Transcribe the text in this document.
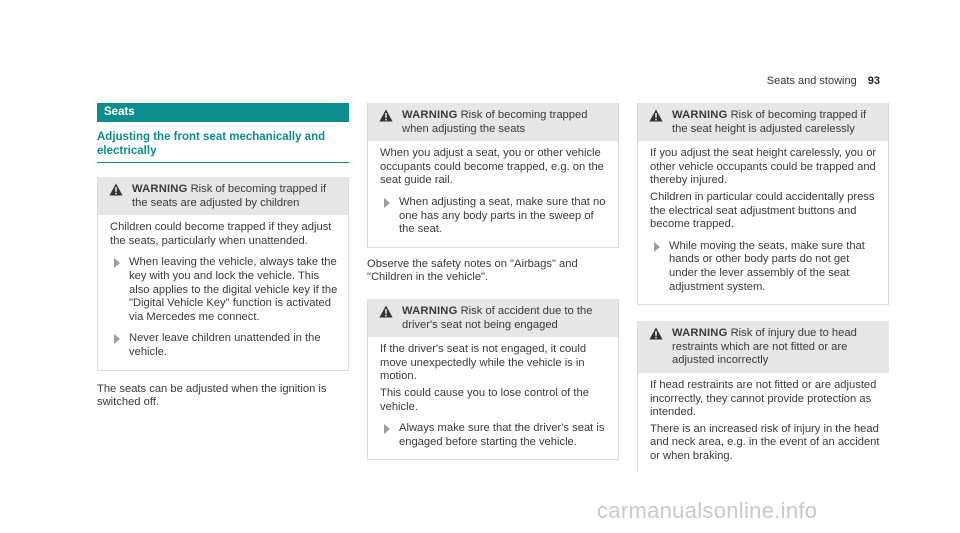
Seats and stowing 93
Seats
Adjusting the front seat mechanically and electrically
WARNING Risk of becoming trapped if the seats are adjusted by children

Children could become trapped if they adjust the seats, particularly when unattended.

When leaving the vehicle, always take the key with you and lock the vehicle. This also applies to the digital vehicle key if the "Digital Vehicle Key" function is activated via Mercedes me connect.
Never leave children unattended in the vehicle.

The seats can be adjusted when the ignition is switched off.

WARNING Risk of becoming trapped when adjusting the seats

When you adjust a seat, you or other vehicle occupants could become trapped, e.g. on the seat guide rail.

When adjusting a seat, make sure that no one has any body parts in the sweep of the seat.

Observe the safety notes on "Airbags" and "Children in the vehicle".

WARNING Risk of accident due to the driver's seat not being engaged

If the driver's seat is not engaged, it could move unexpectedly while the vehicle is in motion.

This could cause you to lose control of the vehicle.

Always make sure that the driver's seat is engaged before starting the vehicle.
WARNING Risk of becoming trapped if the seat height is adjusted carelessly

If you adjust the seat height carelessly, you or other vehicle occupants could be trapped and thereby injured.

Children in particular could accidentally press the electrical seat adjustment buttons and become trapped.

While moving the seats, make sure that hands or other body parts do not get under the lever assembly of the seat adjustment system.
WARNING Risk of injury due to head restraints which are not fitted or are adjusted incorrectly

If head restraints are not fitted or are adjusted incorrectly, they cannot provide protection as intended.

There is an increased risk of injury in the head and neck area, e.g. in the event of an accident or when braking.

carmanualsonline.info
